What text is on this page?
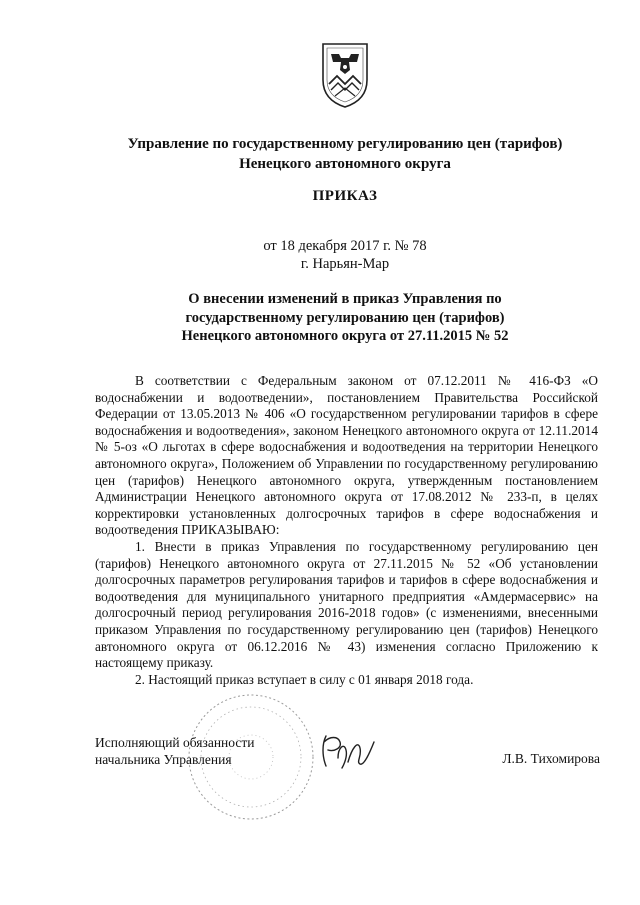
Управление по государственному регулированию цен (тарифов)
Ненецкого автономного округа
ПРИКАЗ
от 18 декабря 2017 г. № 78
г. Нарьян-Мар
О внесении изменений в приказ Управления по
государственному регулированию цен (тарифов)
Ненецкого автономного округа от 27.11.2015 № 52

В соответствии с Федеральным законом от 07.12.2011 № 416-ФЗ «О водоснабжении и водоотведении», постановлением Правительства Российской Федерации от 13.05.2013 № 406 «О государственном регулировании тарифов в сфере водоснабжения и водоотведения», законом Ненецкого автономного округа от 12.11.2014 № 5-оз «О льготах в сфере водоснабжения и водоотведения на территории Ненецкого автономного округа», Положением об Управлении по государственному регулированию цен (тарифов) Ненецкого автономного округа, утвержденным постановлением Администрации Ненецкого автономного округа от 17.08.2012 № 233-п, в целях корректировки установленных долгосрочных тарифов в сфере водоснабжения и водоотведения ПРИКАЗЫВАЮ:

1. Внести в приказ Управления по государственному регулированию цен (тарифов) Ненецкого автономного округа от 27.11.2015 № 52 «Об установлении долгосрочных параметров регулирования тарифов и тарифов в сфере водоснабжения и водоотведения для муниципального унитарного предприятия «Амдермасервис» на долгосрочный период регулирования 2016-2018 годов» (с изменениями, внесенными приказом Управления по государственному регулированию цен (тарифов) Ненецкого автономного округа от 06.12.2016 № 43) изменения согласно Приложению к настоящему приказу.

2. Настоящий приказ вступает в силу с 01 января 2018 года.

Исполняющий обязанности
начальника Управления	Л.В. Тихомирова
